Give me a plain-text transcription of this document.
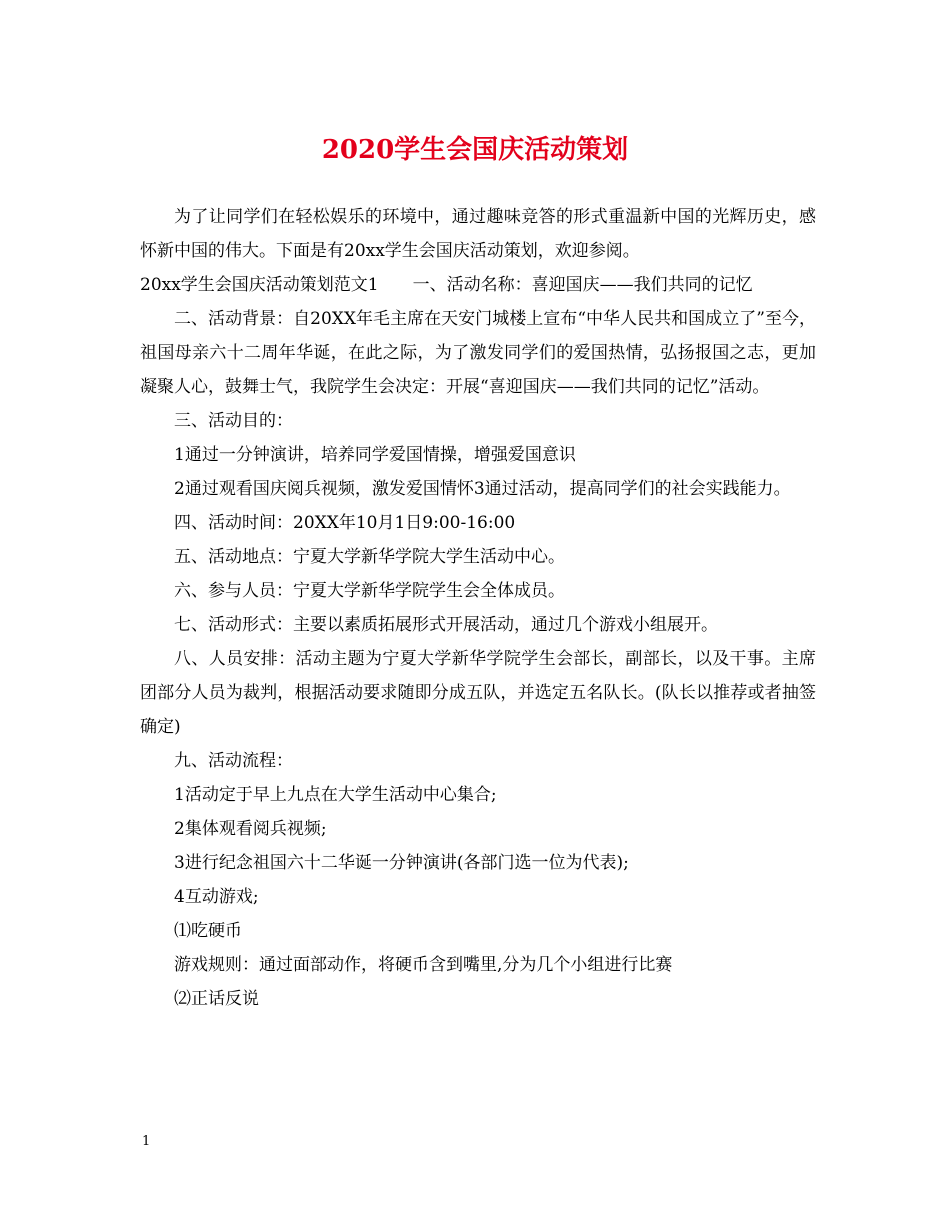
2020学生会国庆活动策划

为了让同学们在轻松娱乐的环境中，通过趣味竞答的形式重温新中国的光辉历史，感怀新中国的伟大。下面是有20xx学生会国庆活动策划，欢迎参阅。

20xx学生会国庆活动策划范文1　　一、活动名称：喜迎国庆——我们共同的记忆

二、活动背景：自20XX年毛主席在天安门城楼上宣布“中华人民共和国成立了”至今，祖国母亲六十二周年华诞，在此之际，为了激发同学们的爱国热情，弘扬报国之志，更加凝聚人心，鼓舞士气，我院学生会决定：开展“喜迎国庆——我们共同的记忆”活动。

三、活动目的：

1通过一分钟演讲，培养同学爱国情操，增强爱国意识

2通过观看国庆阅兵视频，激发爱国情怀3通过活动，提高同学们的社会实践能力。

四、活动时间：20XX年10月1日9:00-16:00

五、活动地点：宁夏大学新华学院大学生活动中心。

六、参与人员：宁夏大学新华学院学生会全体成员。

七、活动形式：主要以素质拓展形式开展活动，通过几个游戏小组展开。

八、人员安排：活动主题为宁夏大学新华学院学生会部长，副部长，以及干事。主席团部分人员为裁判，根据活动要求随即分成五队，并选定五名队长。(队长以推荐或者抽签确定)

九、活动流程：

1活动定于早上九点在大学生活动中心集合;

2集体观看阅兵视频;

3进行纪念祖国六十二华诞一分钟演讲(各部门选一位为代表);

4互动游戏;

⑴吃硬币

游戏规则：通过面部动作，将硬币含到嘴里,分为几个小组进行比赛

⑵正话反说

1
